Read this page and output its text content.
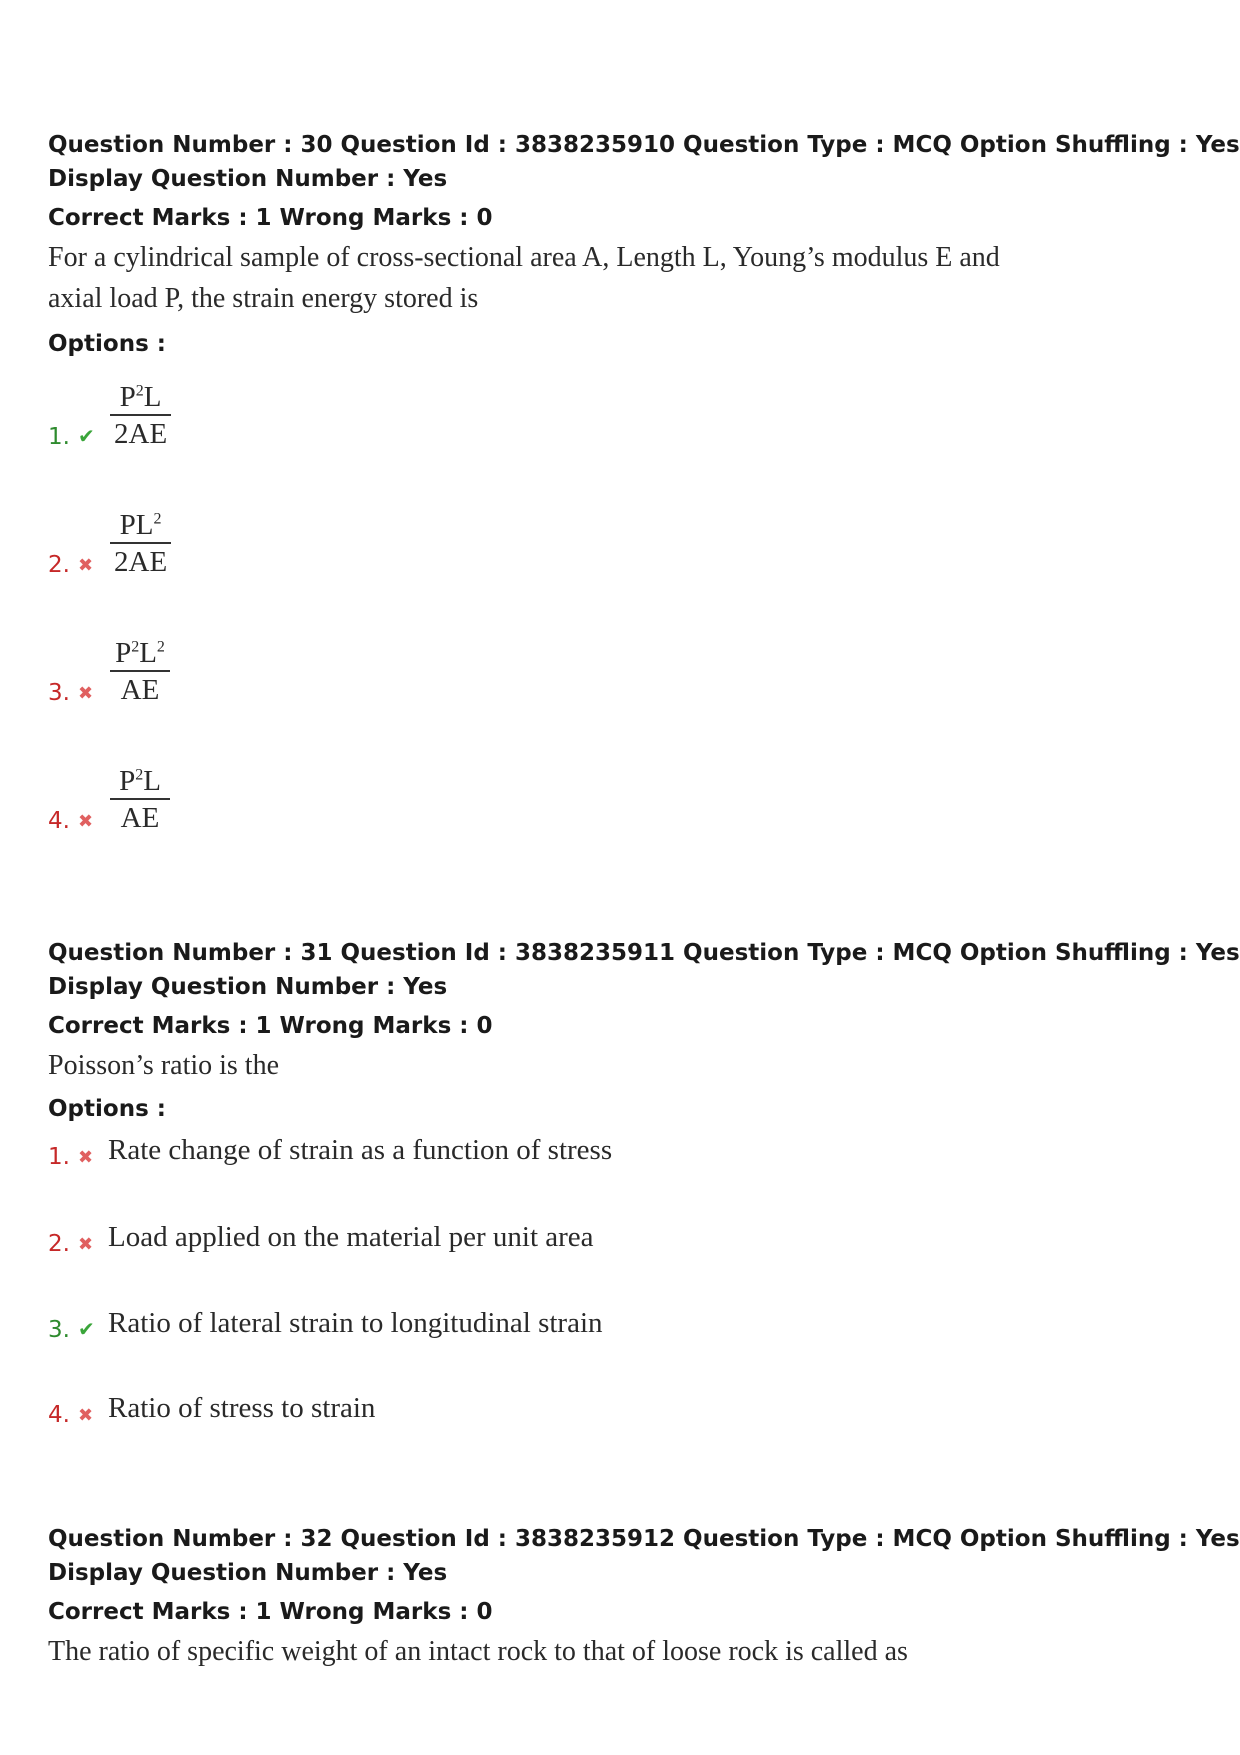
Question Number : 30 Question Id : 3838235910 Question Type : MCQ Option Shuffling : Yes
Display Question Number : Yes
Correct Marks : 1 Wrong Marks : 0
For a cylindrical sample of cross-sectional area A, Length L, Young’s modulus E and
axial load P, the strain energy stored is
Options :
1. ✔ $\frac{P^2L}{2AE}$
2. ✖ $\frac{PL^2}{2AE}$
3. ✖ $\frac{P^2L^2}{AE}$
4. ✖ $\frac{P^2L}{AE}$
Question Number : 31 Question Id : 3838235911 Question Type : MCQ Option Shuffling : Yes
Display Question Number : Yes
Correct Marks : 1 Wrong Marks : 0
Poisson’s ratio is the
Options :
1. ✖ Rate change of strain as a function of stress
2. ✖ Load applied on the material per unit area
3. ✔ Ratio of lateral strain to longitudinal strain
4. ✖ Ratio of stress to strain
Question Number : 32 Question Id : 3838235912 Question Type : MCQ Option Shuffling : Yes
Display Question Number : Yes
Correct Marks : 1 Wrong Marks : 0
The ratio of specific weight of an intact rock to that of loose rock is called as
